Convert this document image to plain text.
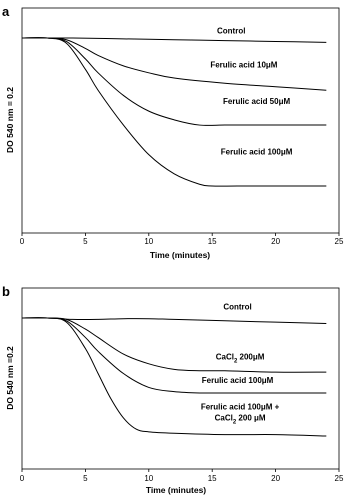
a
0	5	10	15	20	25
Time (minutes)
DO 540 nm = 0.2
Control
Ferulic acid 10μM
Ferulic acid 50μM
Ferulic acid 100μM
b
0	5	10	15	20	25
Time (minutes)
DO 540 nm =0.2
Control
CaCl$_2$ 200μM
Ferulic acid 100μM
Ferulic acid 100μM +
CaCl$_2$ 200 μM
